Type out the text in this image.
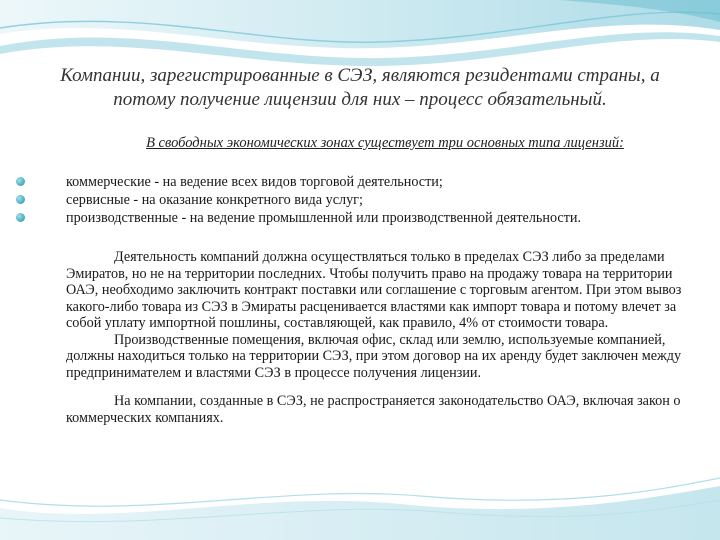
Компании, зарегистрированные в СЭЗ, являются резидентами страны, а потому получение лицензии для них – процесс обязательный.

В свободных экономических зонах существует три основных типа лицензий:

коммерческие - на ведение всех видов торговой деятельности;
сервисные - на оказание конкретного вида услуг;
производственные - на ведение промышленной или производственной деятельности.

Деятельность компаний должна осуществляться только в пределах СЭЗ либо за пределами Эмиратов, но не на территории последних. Чтобы получить право на продажу товара на территории ОАЭ, необходимо заключить контракт поставки или соглашение с торговым агентом. При этом вывоз какого-либо товара из СЭЗ в Эмираты расценивается властями как импорт товара и потому влечет за собой уплату импортной пошлины, составляющей, как правило, 4% от стоимости товара.

Производственные помещения, включая офис, склад или землю, используемые компанией, должны находиться только на территории СЭЗ, при этом договор на их аренду будет заключен между предпринимателем и властями СЭЗ в процессе получения лицензии.

На компании, созданные в СЭЗ, не распространяется законодательство ОАЭ, включая закон о коммерческих компаниях.
